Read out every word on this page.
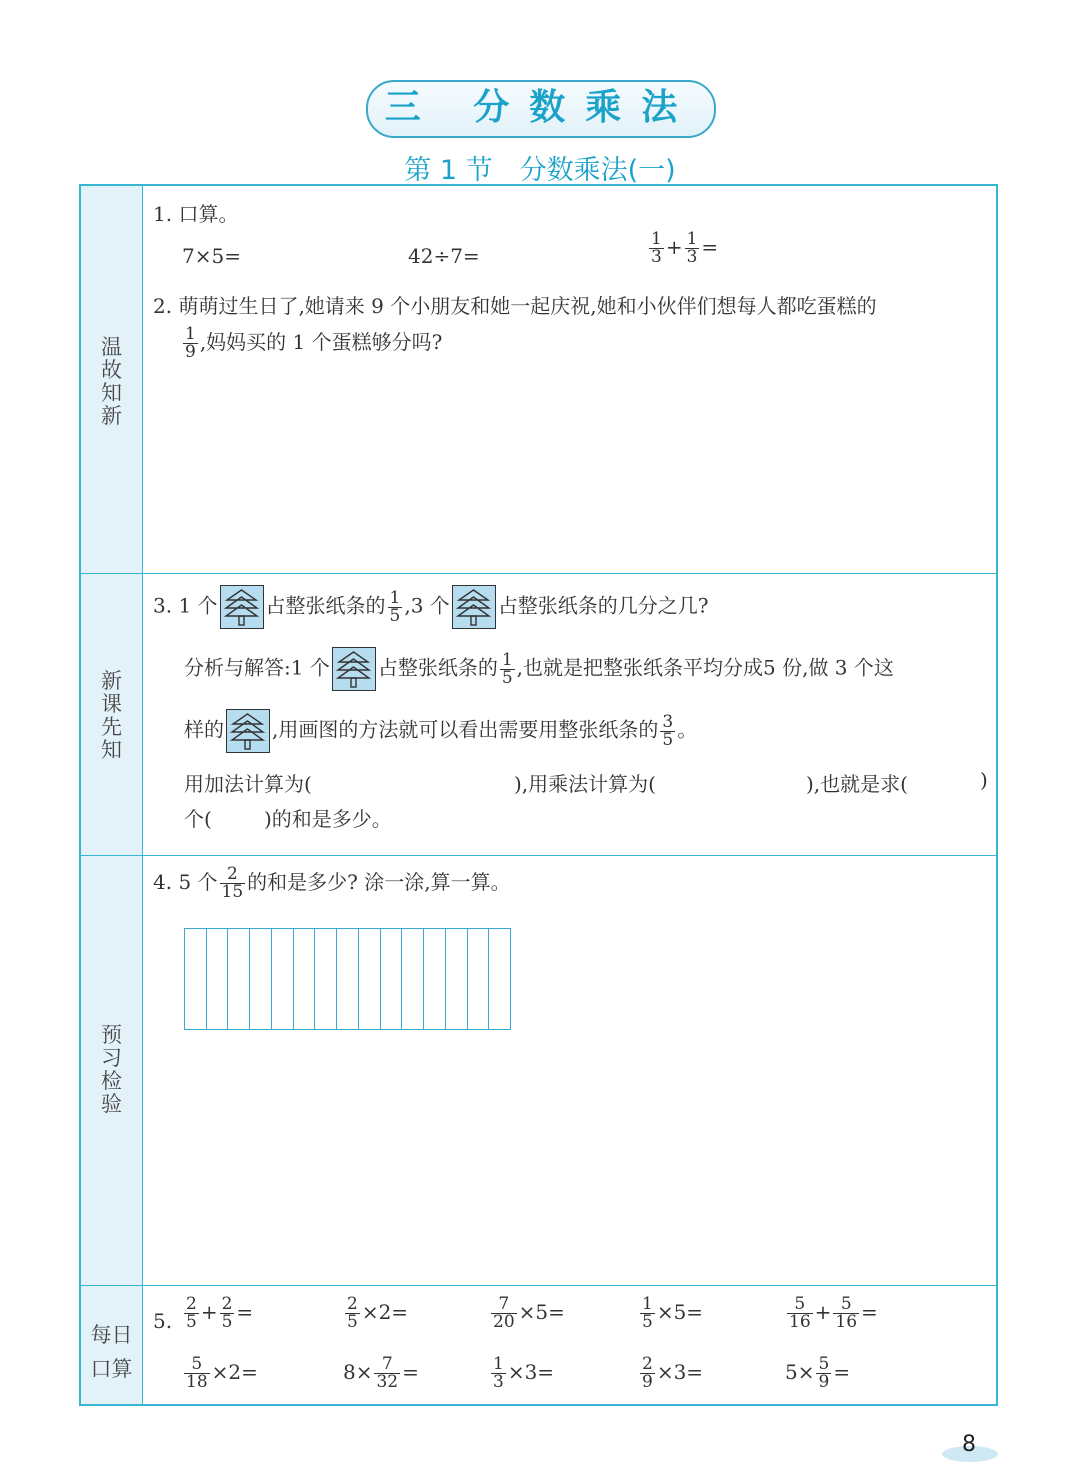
三 分数乘法
第 1 节　分数乘法(一)
温
故
知
新
新
课
先
知
预
习
检
验
每日
口算
1. 口算。
7×5=	42÷7=	$\frac{1}{3} + \frac{1}{3}$ =
2. 萌萌过生日了,她请来 9 个小朋友和她一起庆祝,她和小伙伴们想每人都吃蛋糕的
$\frac{1}{9}$ ,妈妈买的 1 个蛋糕够分吗?
3. 1 个 占整张纸条的 $\frac{1}{5} ,3$ 个 占整张纸条的几分之几?
分析与解答:1 个 占整张纸条的 $\frac{1}{5}$ ,也就是把整张纸条平均分成5 份,做 3 个这
样的 ,用画图的方法就可以看出需要用整张纸条的 $\frac{3}{5}$ 。
用加法计算为(	),用乘法计算为(	),也就是求(	)
个(	)的和是多少。
4. 5 个 $\frac{2}{15}$ 的和是多少? 涂一涂,算一算。
5. $\frac{2}{5} + \frac{2}{5}$ =	$\frac{2}{5} \times 2=$	$\frac{7}{20} \times 5=$	$\frac{1}{5} \times 5=$	$\frac{5}{16} + \frac{5}{16}$ =
$\frac{5}{18} \times 2=$	$8\times \frac{7}{32}$ =	$\frac{1}{3} \times 3=$	$\frac{2}{9} \times 3=$	$5\times \frac{5}{9}$ =
8
